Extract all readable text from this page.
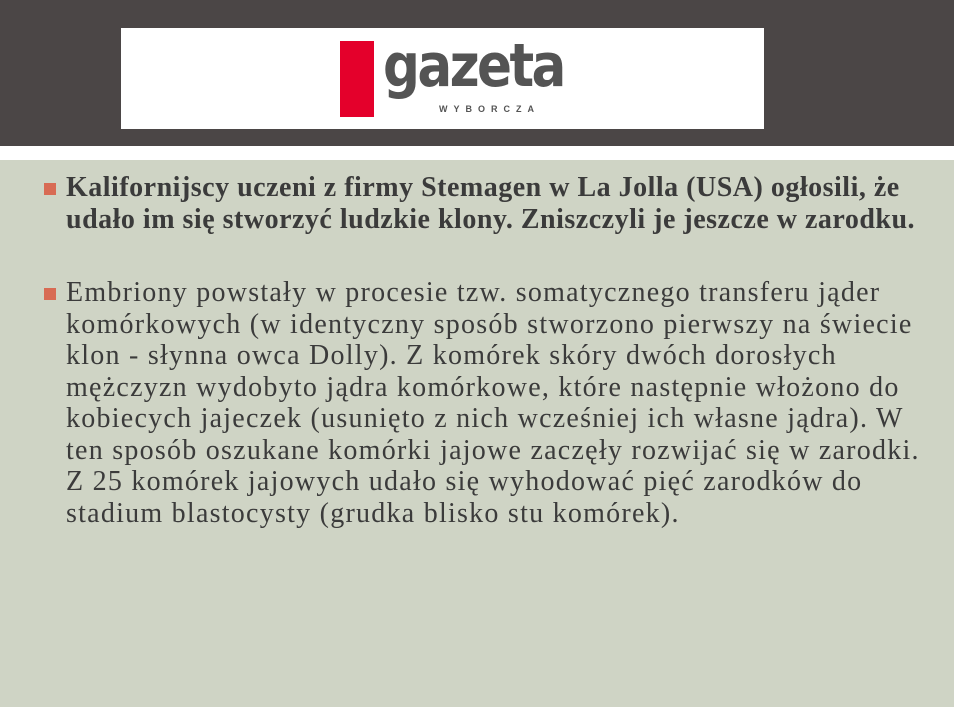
gazeta
WYBORCZA
Kalifornijscy uczeni z firmy Stemagen w La Jolla (USA) ogłosili, że udało im się stworzyć ludzkie klony. Zniszczyli je jeszcze w zarodku.
Embriony powstały w procesie tzw. somatycznego transferu jąder komórkowych (w identyczny sposób stworzono pierwszy na świecie klon - słynna owca Dolly). Z komórek skóry dwóch dorosłych mężczyzn wydobyto jądra komórkowe, które następnie włożono do kobiecych jajeczek (usunięto z nich wcześniej ich własne jądra). W ten sposób oszukane komórki jajowe zaczęły rozwijać się w zarodki. Z 25 komórek jajowych udało się wyhodować pięć zarodków do stadium blastocysty (grudka blisko stu komórek).
